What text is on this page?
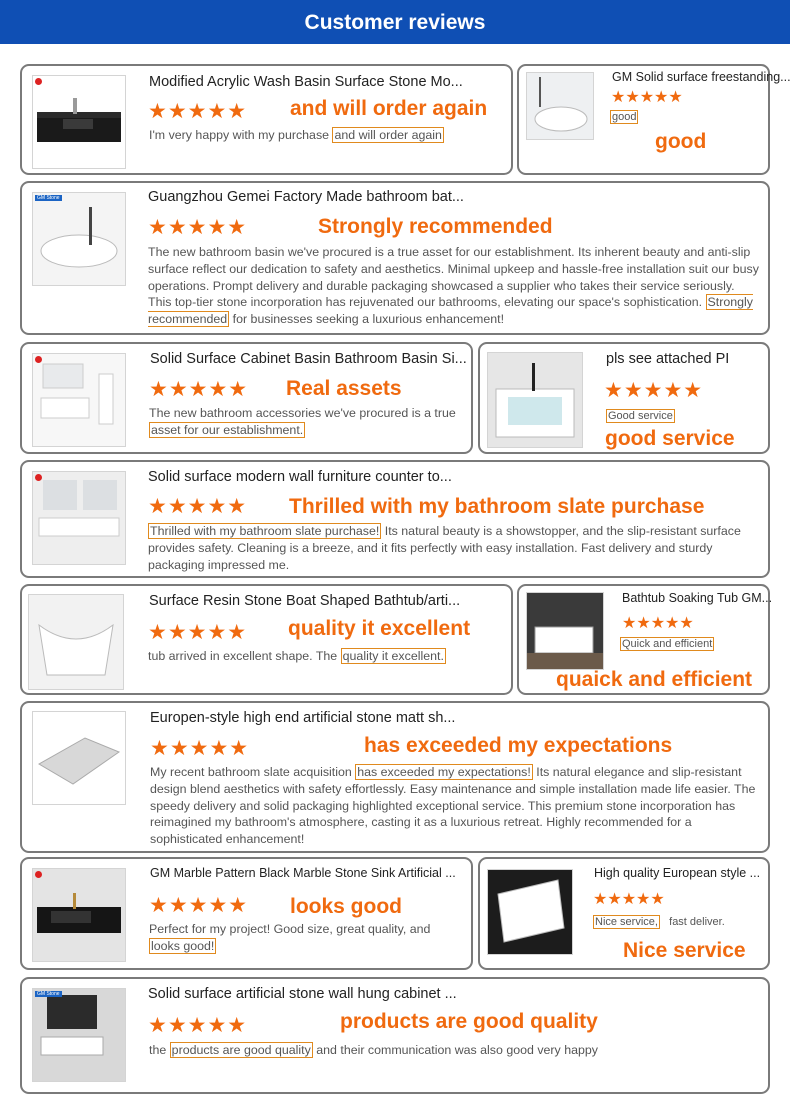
Customer reviews
Modified Acrylic Wash Basin Surface Stone Mo...
★★★★★ and will order again
I'm very happy with my purchase and will order again
GM Solid surface freestanding...
★★★★★
good
good
GM Stone	Guangzhou Gemei Factory Made bathroom bat...
★★★★★	Strongly recommended
The new bathroom basin we've procured is a true asset for our establishment. Its inherent beauty and anti-slip surface reflect our dedication to safety and aesthetics. Minimal upkeep and hassle-free installation suit our busy operations. Prompt delivery and durable packaging showcased a supplier who takes their service seriously. This top-tier stone incorporation has rejuvenated our bathrooms, elevating our space's sophistication. Strongly recommended for businesses seeking a luxurious enhancement!
Solid Surface Cabinet Basin Bathroom Basin Si...
★★★★★ Real assets
The new bathroom accessories we've procured is a true asset for our establishment.
pls see attached PI
★★★★★
Good service
good service
Solid surface modern wall furniture counter to...
★★★★★ Thrilled with my bathroom slate purchase
Thrilled with my bathroom slate purchase! Its natural beauty is a showstopper, and the slip-resistant surface provides safety. Cleaning is a breeze, and it fits perfectly with easy installation. Fast delivery and sturdy packaging impressed me.
Surface Resin Stone Boat Shaped Bathtub/arti...
★★★★★ quality it excellent
tub arrived in excellent shape. The quality it excellent.
Bathtub Soaking Tub GM...
★★★★★
Quick and efficient
quaick and efficient
Europen-style high end artificial stone matt sh...
★★★★★	has exceeded my expectations
My recent bathroom slate acquisition has exceeded my expectations! Its natural elegance and slip-resistant design blend aesthetics with safety effortlessly. Easy maintenance and simple installation made life easier. The speedy delivery and solid packaging highlighted exceptional service. This premium stone incorporation has reimagined my bathroom's atmosphere, casting it as a luxurious retreat. Highly recommended for a sophisticated enhancement!
GM Marble Pattern Black Marble Stone Sink Artificial ...
★★★★★ looks good
Perfect for my project! Good size, great quality, and looks good!
High quality European style ...
★★★★★
Nice service,   fast deliver.
Nice service
GM Stone	Solid surface artificial stone wall hung cabinet ...
★★★★★	products are good quality
the products are good quality and their communication was also good very happy
